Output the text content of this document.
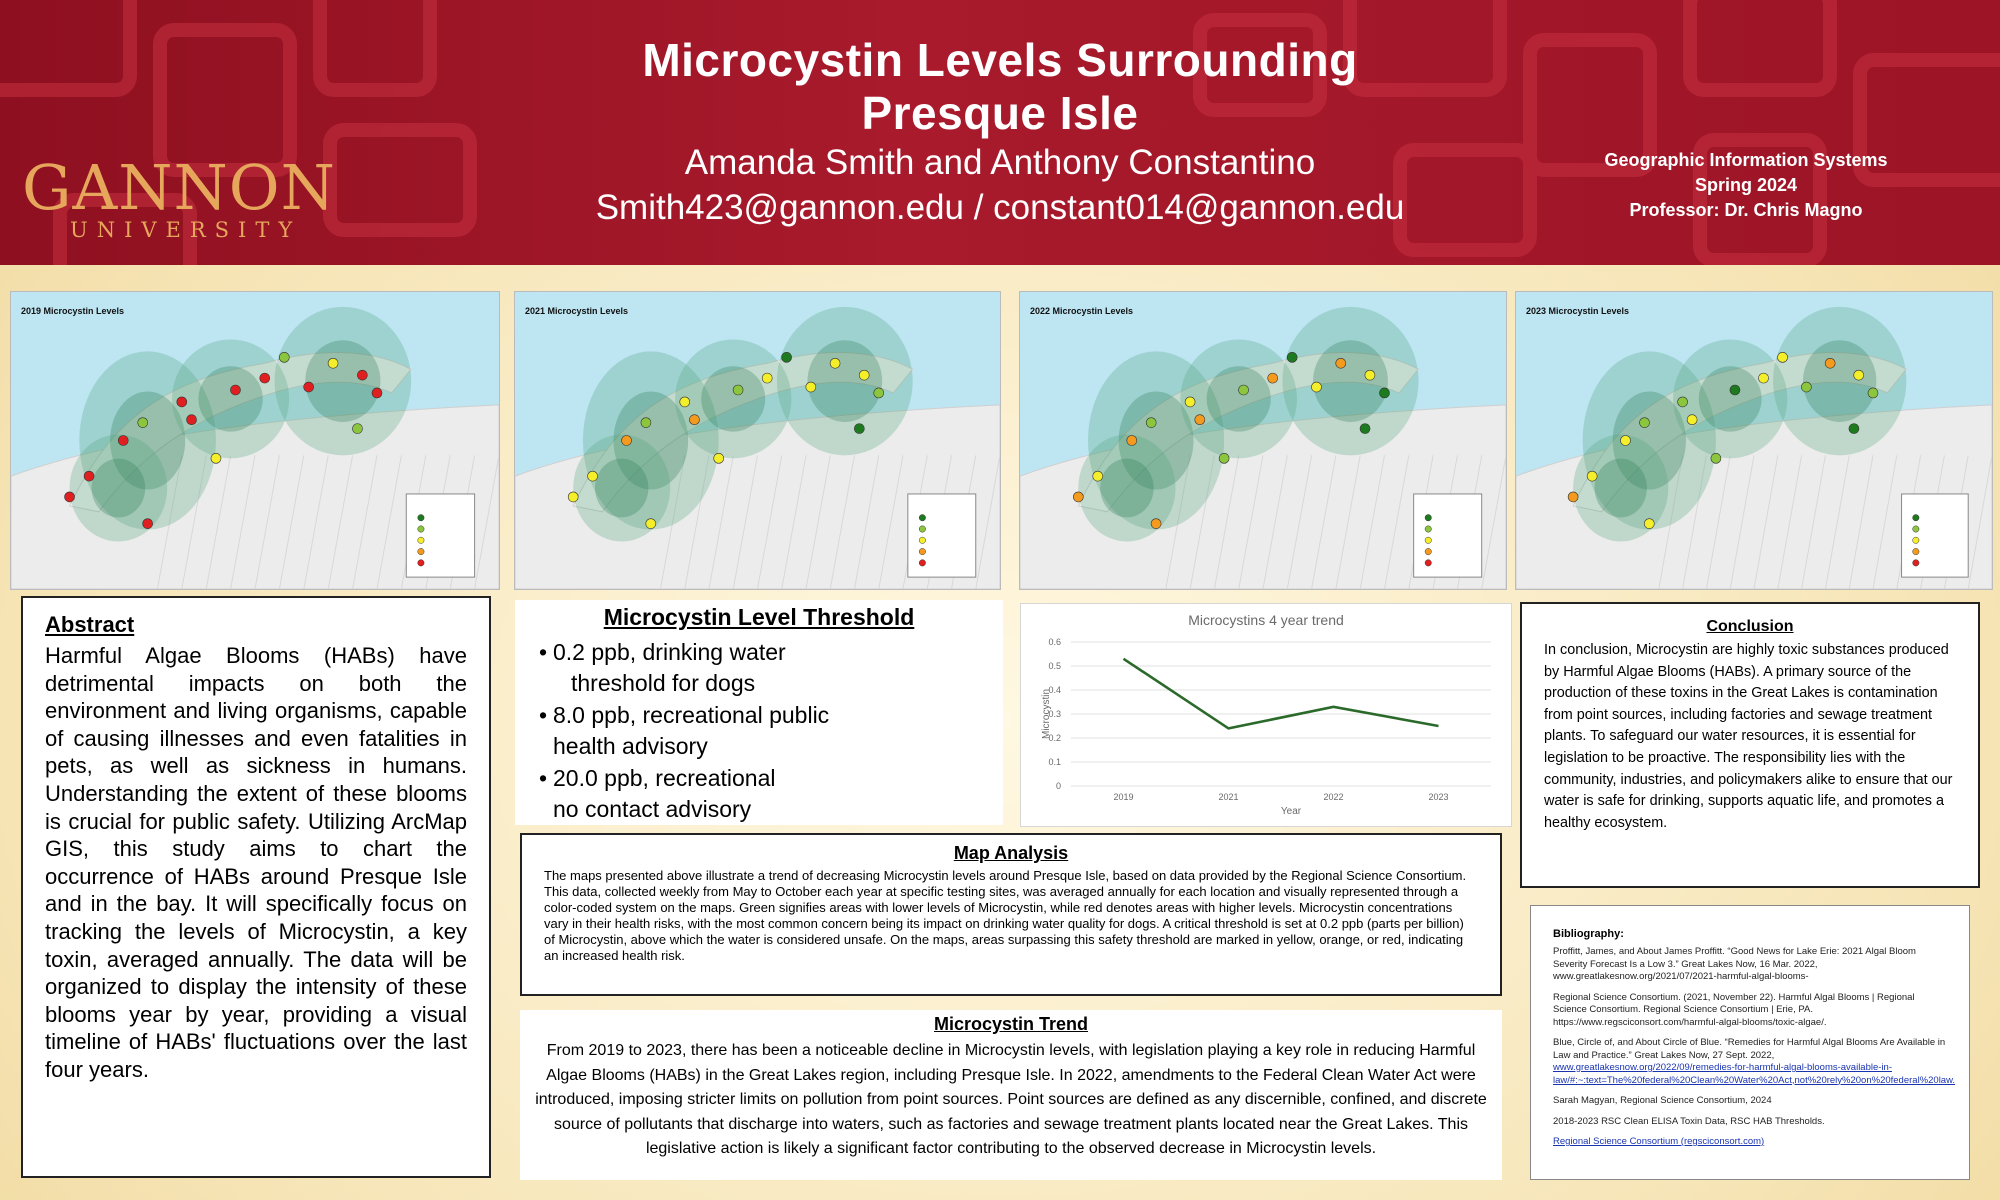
Microcystin Levels Surrounding
Presque Isle
Amanda Smith and Anthony Constantino
Smith423@gannon.edu / constant014@gannon.edu
GANNON
UNIVERSITY
Geographic Information Systems
Spring 2024
Professor: Dr. Chris Magno
2019 Microcystin Levels	2021 Microcystin Levels	2022 Microcystin Levels	2023 Microcystin Levels
Abstract

Harmful Algae Blooms (HABs) have detrimental impacts on both the environment and living organisms, capable of causing illnesses and even fatalities in pets, as well as sickness in humans. Understanding the extent of these blooms is crucial for public safety. Utilizing ArcMap GIS, this study aims to chart the occurrence of HABs around Presque Isle and in the bay. It will specifically focus on tracking the levels of Microcystin, a key toxin, averaged annually. The data will be organized to display the intensity of these blooms year by year, providing a visual timeline of HABs' fluctuations over the last four years.

Microcystin Level Threshold
• 0.2 ppb, drinking water
threshold for dogs
• 8.0 ppb, recreational public
health advisory
• 20.0 ppb, recreational
no contact advisory
Microcystins 4 year trend
Microcystin
Year
0
0.1
0.2
0.3
0.4
0.5
0.6
2019	2021	2022	2023
Map Analysis

The maps presented above illustrate a trend of decreasing Microcystin levels around Presque Isle, based on data provided by the Regional Science Consortium. This data, collected weekly from May to October each year at specific testing sites, was averaged annually for each location and visually represented through a color-coded system on the maps. Green signifies areas with lower levels of Microcystin, while red denotes areas with higher levels. Microcystin concentrations vary in their health risks, with the most common concern being its impact on drinking water quality for dogs. A critical threshold is set at 0.2 ppb (parts per billion) of Microcystin, above which the water is considered unsafe. On the maps, areas surpassing this safety threshold are marked in yellow, orange, or red, indicating an increased health risk.

Microcystin Trend

From 2019 to 2023, there has been a noticeable decline in Microcystin levels, with legislation playing a key role in reducing Harmful Algae Blooms (HABs) in the Great Lakes region, including Presque Isle. In 2022, amendments to the Federal Clean Water Act were introduced, imposing stricter limits on pollution from point sources. Point sources are defined as any discernible, confined, and discrete source of pollutants that discharge into waters, such as factories and sewage treatment plants located near the Great Lakes. This legislative action is likely a significant factor contributing to the observed decrease in Microcystin levels.

Conclusion

In conclusion, Microcystin are highly toxic substances produced by Harmful Algae Blooms (HABs). A primary source of the production of these toxins in the Great Lakes is contamination from point sources, including factories and sewage treatment plants. To safeguard our water resources, it is essential for legislation to be proactive. The responsibility lies with the community, industries, and policymakers alike to ensure that our water is safe for drinking, supports aquatic life, and promotes a healthy ecosystem.

Bibliography:

Proffitt, James, and About James Proffitt. “Good News for Lake Erie: 2021 Algal Bloom Severity Forecast Is a Low 3.” Great Lakes Now, 16 Mar. 2022, www.greatlakesnow.org/2021/07/2021-harmful-algal-blooms-

Regional Science Consortium. (2021, November 22). Harmful Algal Blooms | Regional Science Consortium. Regional Science Consortium | Erie, PA. https://www.regsciconsort.com/harmful-algal-blooms/toxic-algae/.

Blue, Circle of, and About Circle of Blue. “Remedies for Harmful Algal Blooms Are Available in Law and Practice.” Great Lakes Now, 27 Sept. 2022, www.greatlakesnow.org/2022/09/remedies-for-harmful-algal-blooms-available-in-law/#:~:text=The%20federal%20Clean%20Water%20Act,not%20rely%20on%20federal%20law.

Sarah Magyan, Regional Science Consortium, 2024

2018-2023 RSC Clean ELISA Toxin Data, RSC HAB Thresholds.

Regional Science Consortium (regsciconsort.com)
